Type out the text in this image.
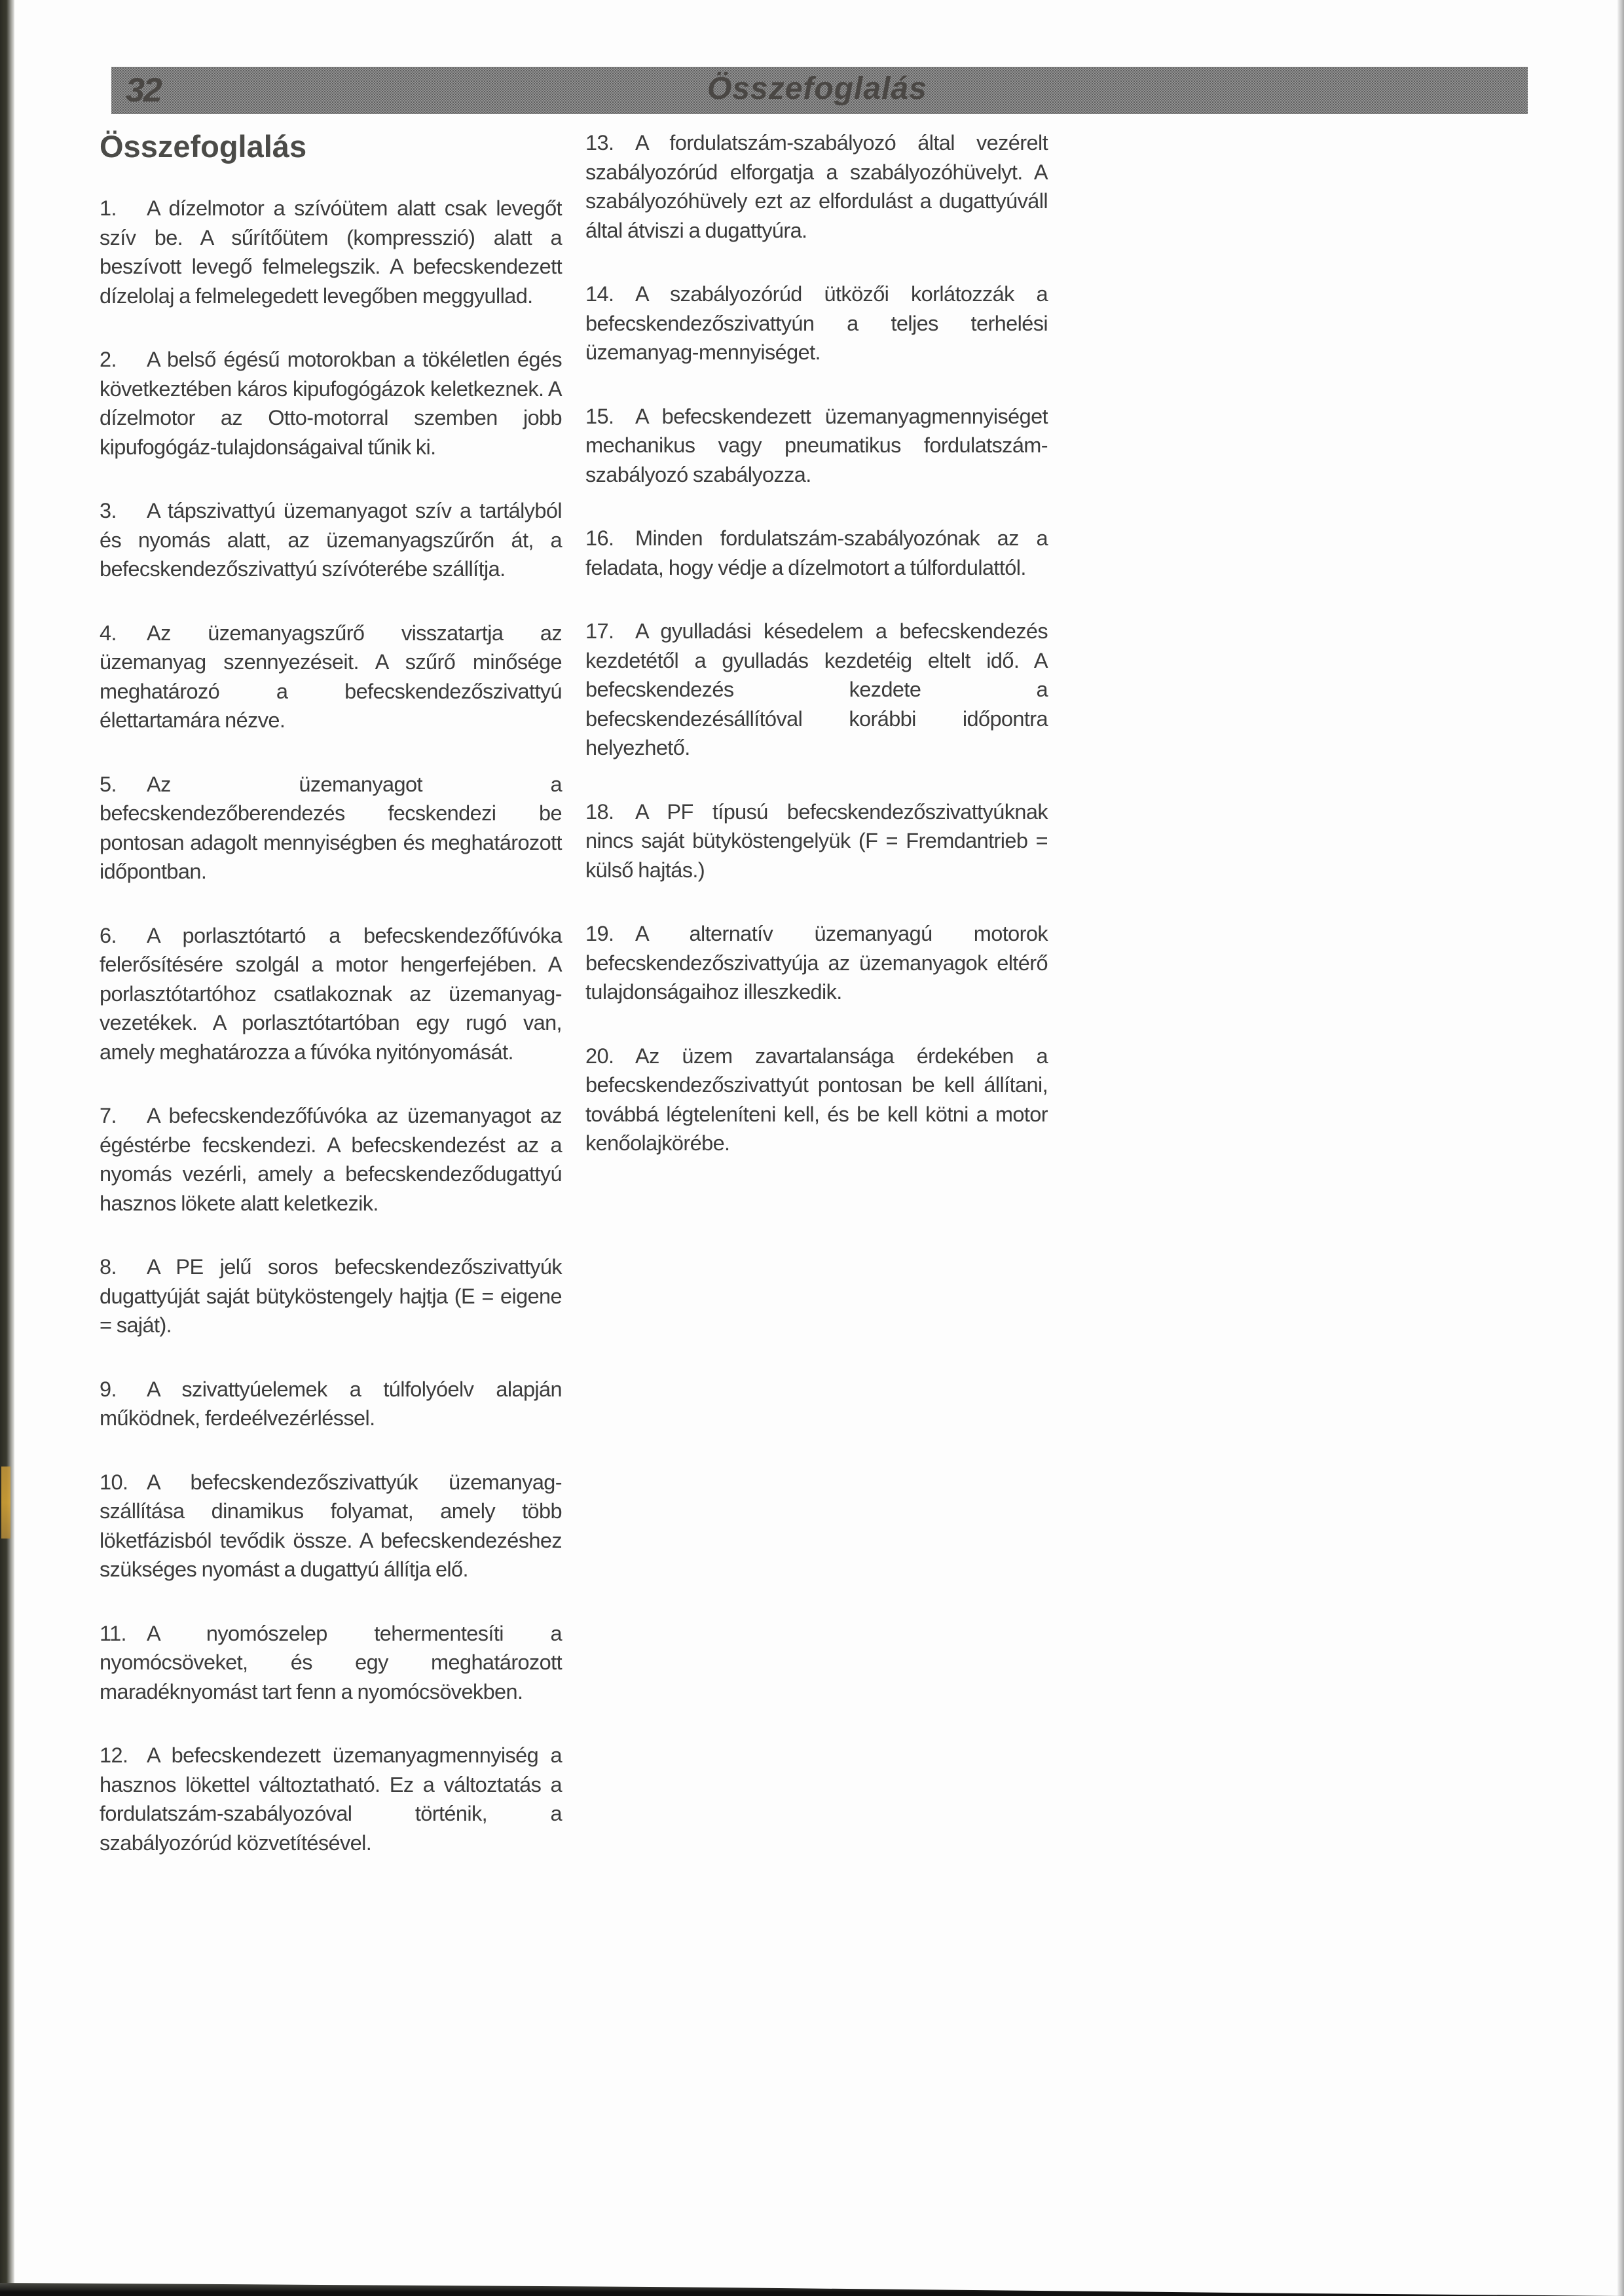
32	Összefoglalás
Összefoglalás

1. A dízelmotor a szívóütem alatt csak levegőt szív be. A sűrítőütem (kompresszió) alatt a beszívott levegő felmelegszik. A befecskendezett dízelolaj a felmelegedett levegőben meggyullad.

2. A belső égésű motorokban a tökéletlen égés következtében káros kipufogógázok keletkeznek. A dízelmotor az Otto-motorral szemben jobb kipufogógáz-tulajdonságaival tűnik ki.

3. A tápszivattyú üzemanyagot szív a tartályból és nyomás alatt, az üzemanyagszűrőn át, a befecskendezőszivattyú szívóterébe szállítja.

4. Az üzemanyagszűrő visszatartja az üzemanyag szennyezéseit. A szűrő minősége meghatározó a befecskendezőszivattyú élettartamára nézve.

5. Az üzemanyagot a befecskendezőberendezés fecskendezi be pontosan adagolt mennyiségben és meghatározott időpontban.

6. A porlasztótartó a befecskendezőfúvóka felerősítésére szolgál a motor hengerfejében. A porlasztótartóhoz csatlakoznak az üzemanyag-vezetékek. A porlasztótartóban egy rugó van, amely meghatározza a fúvóka nyitónyomását.

7. A befecskendezőfúvóka az üzemanyagot az égéstérbe fecskendezi. A befecskendezést az a nyomás vezérli, amely a befecskendeződugattyú hasznos lökete alatt keletkezik.

8. A PE jelű soros befecskendezőszivattyúk dugattyúját saját bütyköstengely hajtja (E = eigene = saját).

9. A szivattyúelemek a túlfolyóelv alapján működnek, ferdeélvezérléssel.

10. A befecskendezőszivattyúk üzemanyag-szállítása dinamikus folyamat, amely több löketfázisból tevődik össze. A befecskendezéshez szükséges nyomást a dugattyú állítja elő.

11. A nyomószelep tehermentesíti a nyomócsöveket, és egy meghatározott maradéknyomást tart fenn a nyomócsövekben.

12. A befecskendezett üzemanyagmennyiség a hasznos lökettel változtatható. Ez a változtatás a fordulatszám-szabályozóval történik, a szabályozórúd közvetítésével.

13. A fordulatszám-szabályozó által vezérelt szabályozórúd elforgatja a szabályozóhüvelyt. A szabályozóhüvely ezt az elfordulást a dugattyúváll által átviszi a dugattyúra.

14. A szabályozórúd ütközői korlátozzák a befecskendezőszivattyún a teljes terhelési üzemanyag-mennyiséget.

15. A befecskendezett üzemanyagmennyiséget mechanikus vagy pneumatikus fordulatszám-szabályozó szabályozza.

16. Minden fordulatszám-szabályozónak az a feladata, hogy védje a dízelmotort a túlfordulattól.

17. A gyulladási késedelem a befecskendezés kezdetétől a gyulladás kezdetéig eltelt idő. A befecskendezés kezdete a befecskendezésállítóval korábbi időpontra helyezhető.

18. A PF típusú befecskendezőszivattyúknak nincs saját bütyköstengelyük (F = Fremdantrieb = külső hajtás.)

19. A alternatív üzemanyagú motorok befecskendezőszivattyúja az üzemanyagok eltérő tulajdonságaihoz illeszkedik.

20. Az üzem zavartalansága érdekében a befecskendezőszivattyút pontosan be kell állítani, továbbá légteleníteni kell, és be kell kötni a motor kenőolajkörébe.
